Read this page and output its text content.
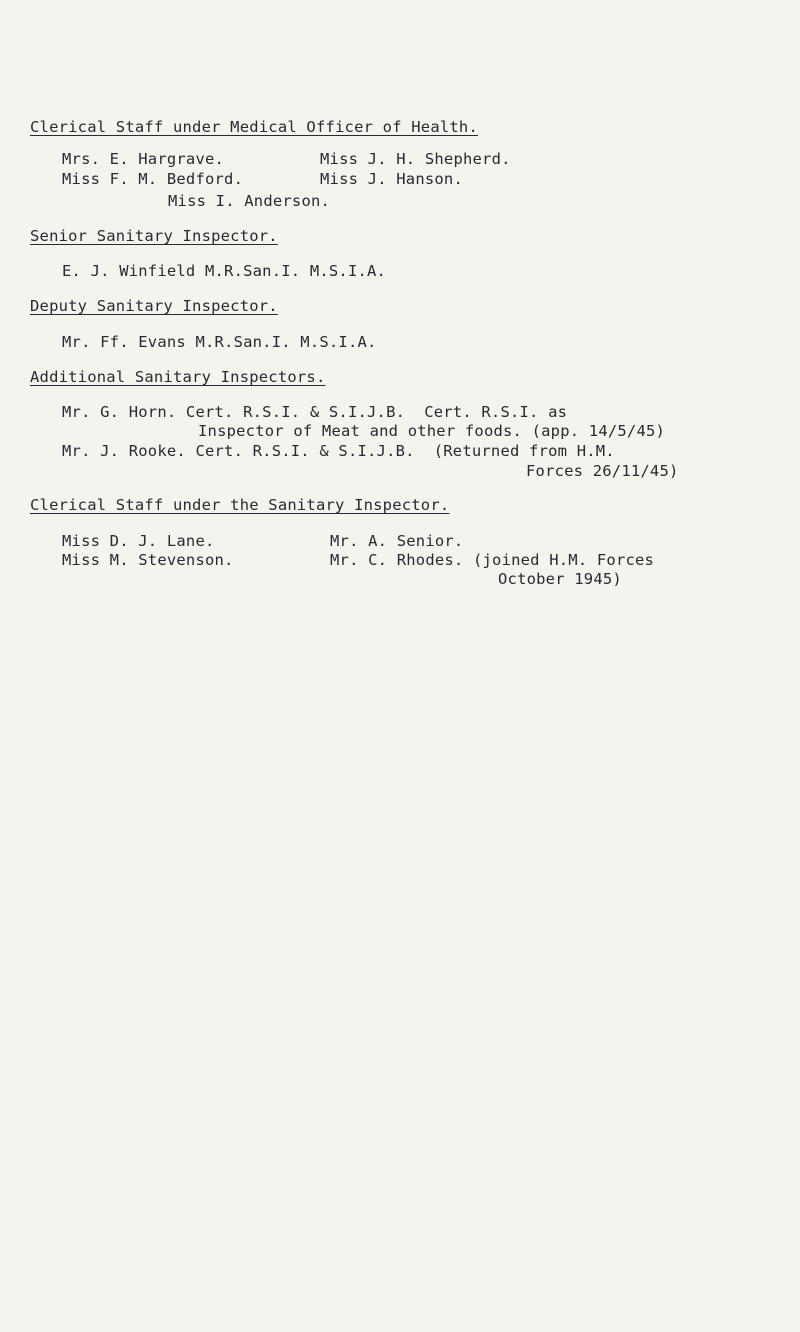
Clerical Staff under Medical Officer of Health.
Mrs. E. Hargrave.	Miss J. H. Shepherd.
Miss F. M. Bedford.	Miss J. Hanson.
Miss I. Anderson.
Senior Sanitary Inspector.
E. J. Winfield M.R.San.I. M.S.I.A.
Deputy Sanitary Inspector.
Mr. Ff. Evans M.R.San.I. M.S.I.A.
Additional Sanitary Inspectors.
Mr. G. Horn. Cert. R.S.I. & S.I.J.B.  Cert. R.S.I. as
Inspector of Meat and other foods. (app. 14/5/45)
Mr. J. Rooke. Cert. R.S.I. & S.I.J.B.  (Returned from H.M.
Forces 26/11/45)
Clerical Staff under the Sanitary Inspector.
Miss D. J. Lane.	Mr. A. Senior.
Miss M. Stevenson.	Mr. C. Rhodes. (joined H.M. Forces
October 1945)
